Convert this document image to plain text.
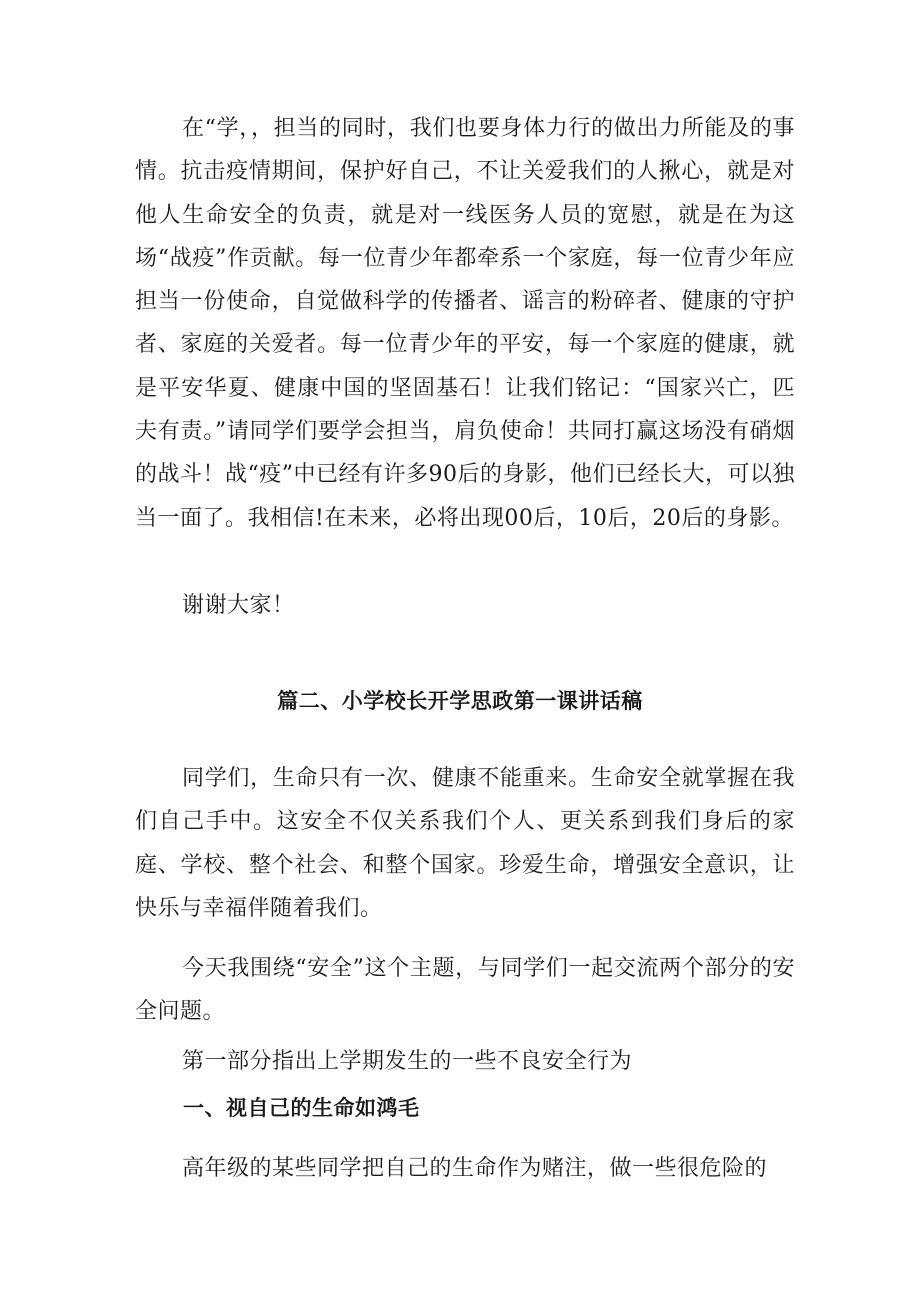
在“学，，担当的同时，我们也要身体力行的做出力所能及的事情。抗击疫情期间，保护好自己，不让关爱我们的人揪心，就是对他人生命安全的负责，就是对一线医务人员的宽慰，就是在为这场“战疫”作贡献。每一位青少年都牵系一个家庭，每一位青少年应担当一份使命，自觉做科学的传播者、谣言的粉碎者、健康的守护者、家庭的关爱者。每一位青少年的平安，每一个家庭的健康，就是平安华夏、健康中国的坚固基石！让我们铭记：“国家兴亡，匹夫有责。”请同学们要学会担当，肩负使命！共同打赢这场没有硝烟的战斗！战“疫”中已经有许多90后的身影，他们已经长大，可以独当一面了。我相信!在未来，必将出现00后，10后，20后的身影。

谢谢大家！

篇二、小学校长开学思政第一课讲话稿

同学们，生命只有一次、健康不能重来。生命安全就掌握在我们自己手中。这安全不仅关系我们个人、更关系到我们身后的家庭、学校、整个社会、和整个国家。珍爱生命，增强安全意识，让快乐与幸福伴随着我们。

今天我围绕“安全”这个主题，与同学们一起交流两个部分的安全问题。

第一部分指出上学期发生的一些不良安全行为

一、视自己的生命如鸿毛

高年级的某些同学把自己的生命作为赌注，做一些很危险的
